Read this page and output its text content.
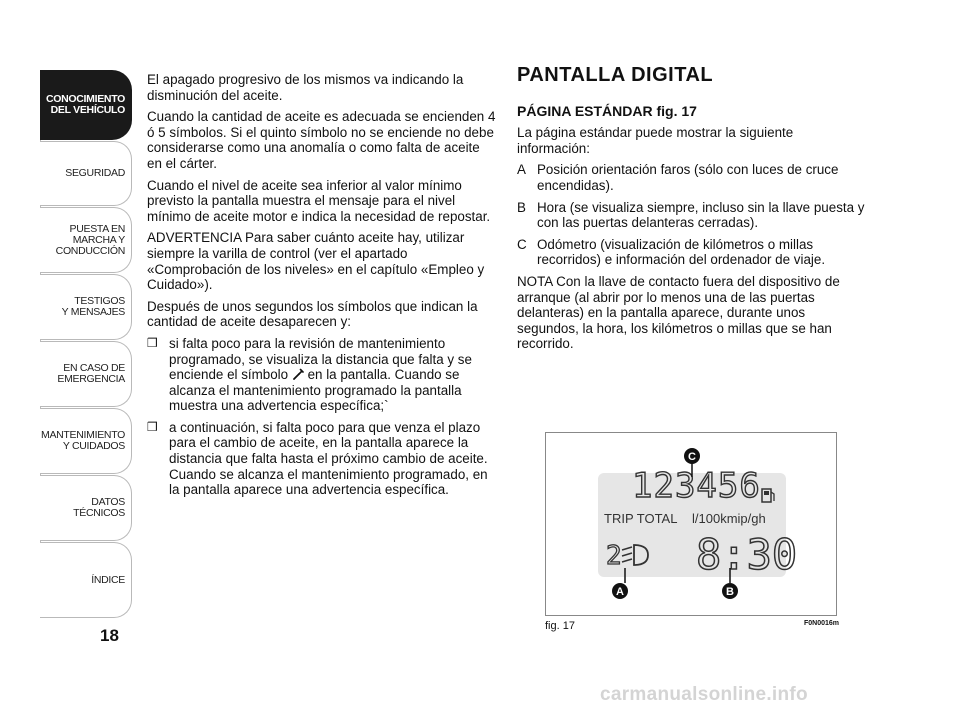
CONOCIMIENTO
DEL VEHÍCULO
SEGURIDAD
PUESTA EN
MARCHA Y
CONDUCCIÓN
TESTIGOS
Y MENSAJES
EN CASO DE
EMERGENCIA
MANTENIMIENTO
Y CUIDADOS
DATOS
TÉCNICOS
ÍNDICE
18

El apagado progresivo de los mismos va indicando la disminución del aceite.

Cuando la cantidad de aceite es adecuada se encienden 4 ó 5 símbolos. Si el quinto símbolo no se enciende no debe considerarse como una anomalía o como falta de aceite en el cárter.

Cuando el nivel de aceite sea inferior al valor mínimo previsto la pantalla muestra el mensaje para el nivel mínimo de aceite motor e indica la necesidad de repostar.

ADVERTENCIA Para saber cuánto aceite hay, utilizar siempre la varilla de control (ver el apartado «Comprobación de los niveles» en el capítulo «Empleo y Cuidado»).

Después de unos segundos los símbolos que indican la cantidad de aceite desaparecen y:

❒ si falta poco para la revisión de mantenimiento programado, se visualiza la distancia que falta y se enciende el símbolo en la pantalla. Cuando se alcanza el mantenimiento programado la pantalla muestra una advertencia específica;`
❒ a continuación, si falta poco para que venza el plazo para el cambio de aceite, en la pantalla aparece la distancia que falta hasta el próximo cambio de aceite. Cuando se alcanza el mantenimiento programado, en la pantalla aparece una advertencia específica.
PANTALLA DIGITAL
PÁGINA ESTÁNDAR fig. 17

La página estándar puede mostrar la siguiente información:

A Posición orientación faros (sólo con luces de cruce encendidas).
B Hora (se visualiza siempre, incluso sin la llave puesta y con las puertas delanteras cerradas).
C Odómetro (visualización de kilómetros o millas recorridos) e información del ordenador de viaje.

NOTA Con la llave de contacto fuera del dispositivo de arranque (al abrir por lo menos una de las puertas delanteras) en la pantalla aparece, durante unos segundos, la hora, los kilómetros o millas que se han recorrido.

123456
TRIP TOTAL l/100kmip/gh
2 8:30
C
A	B
fig. 17	F0N0016m
carmanualsonline.info
